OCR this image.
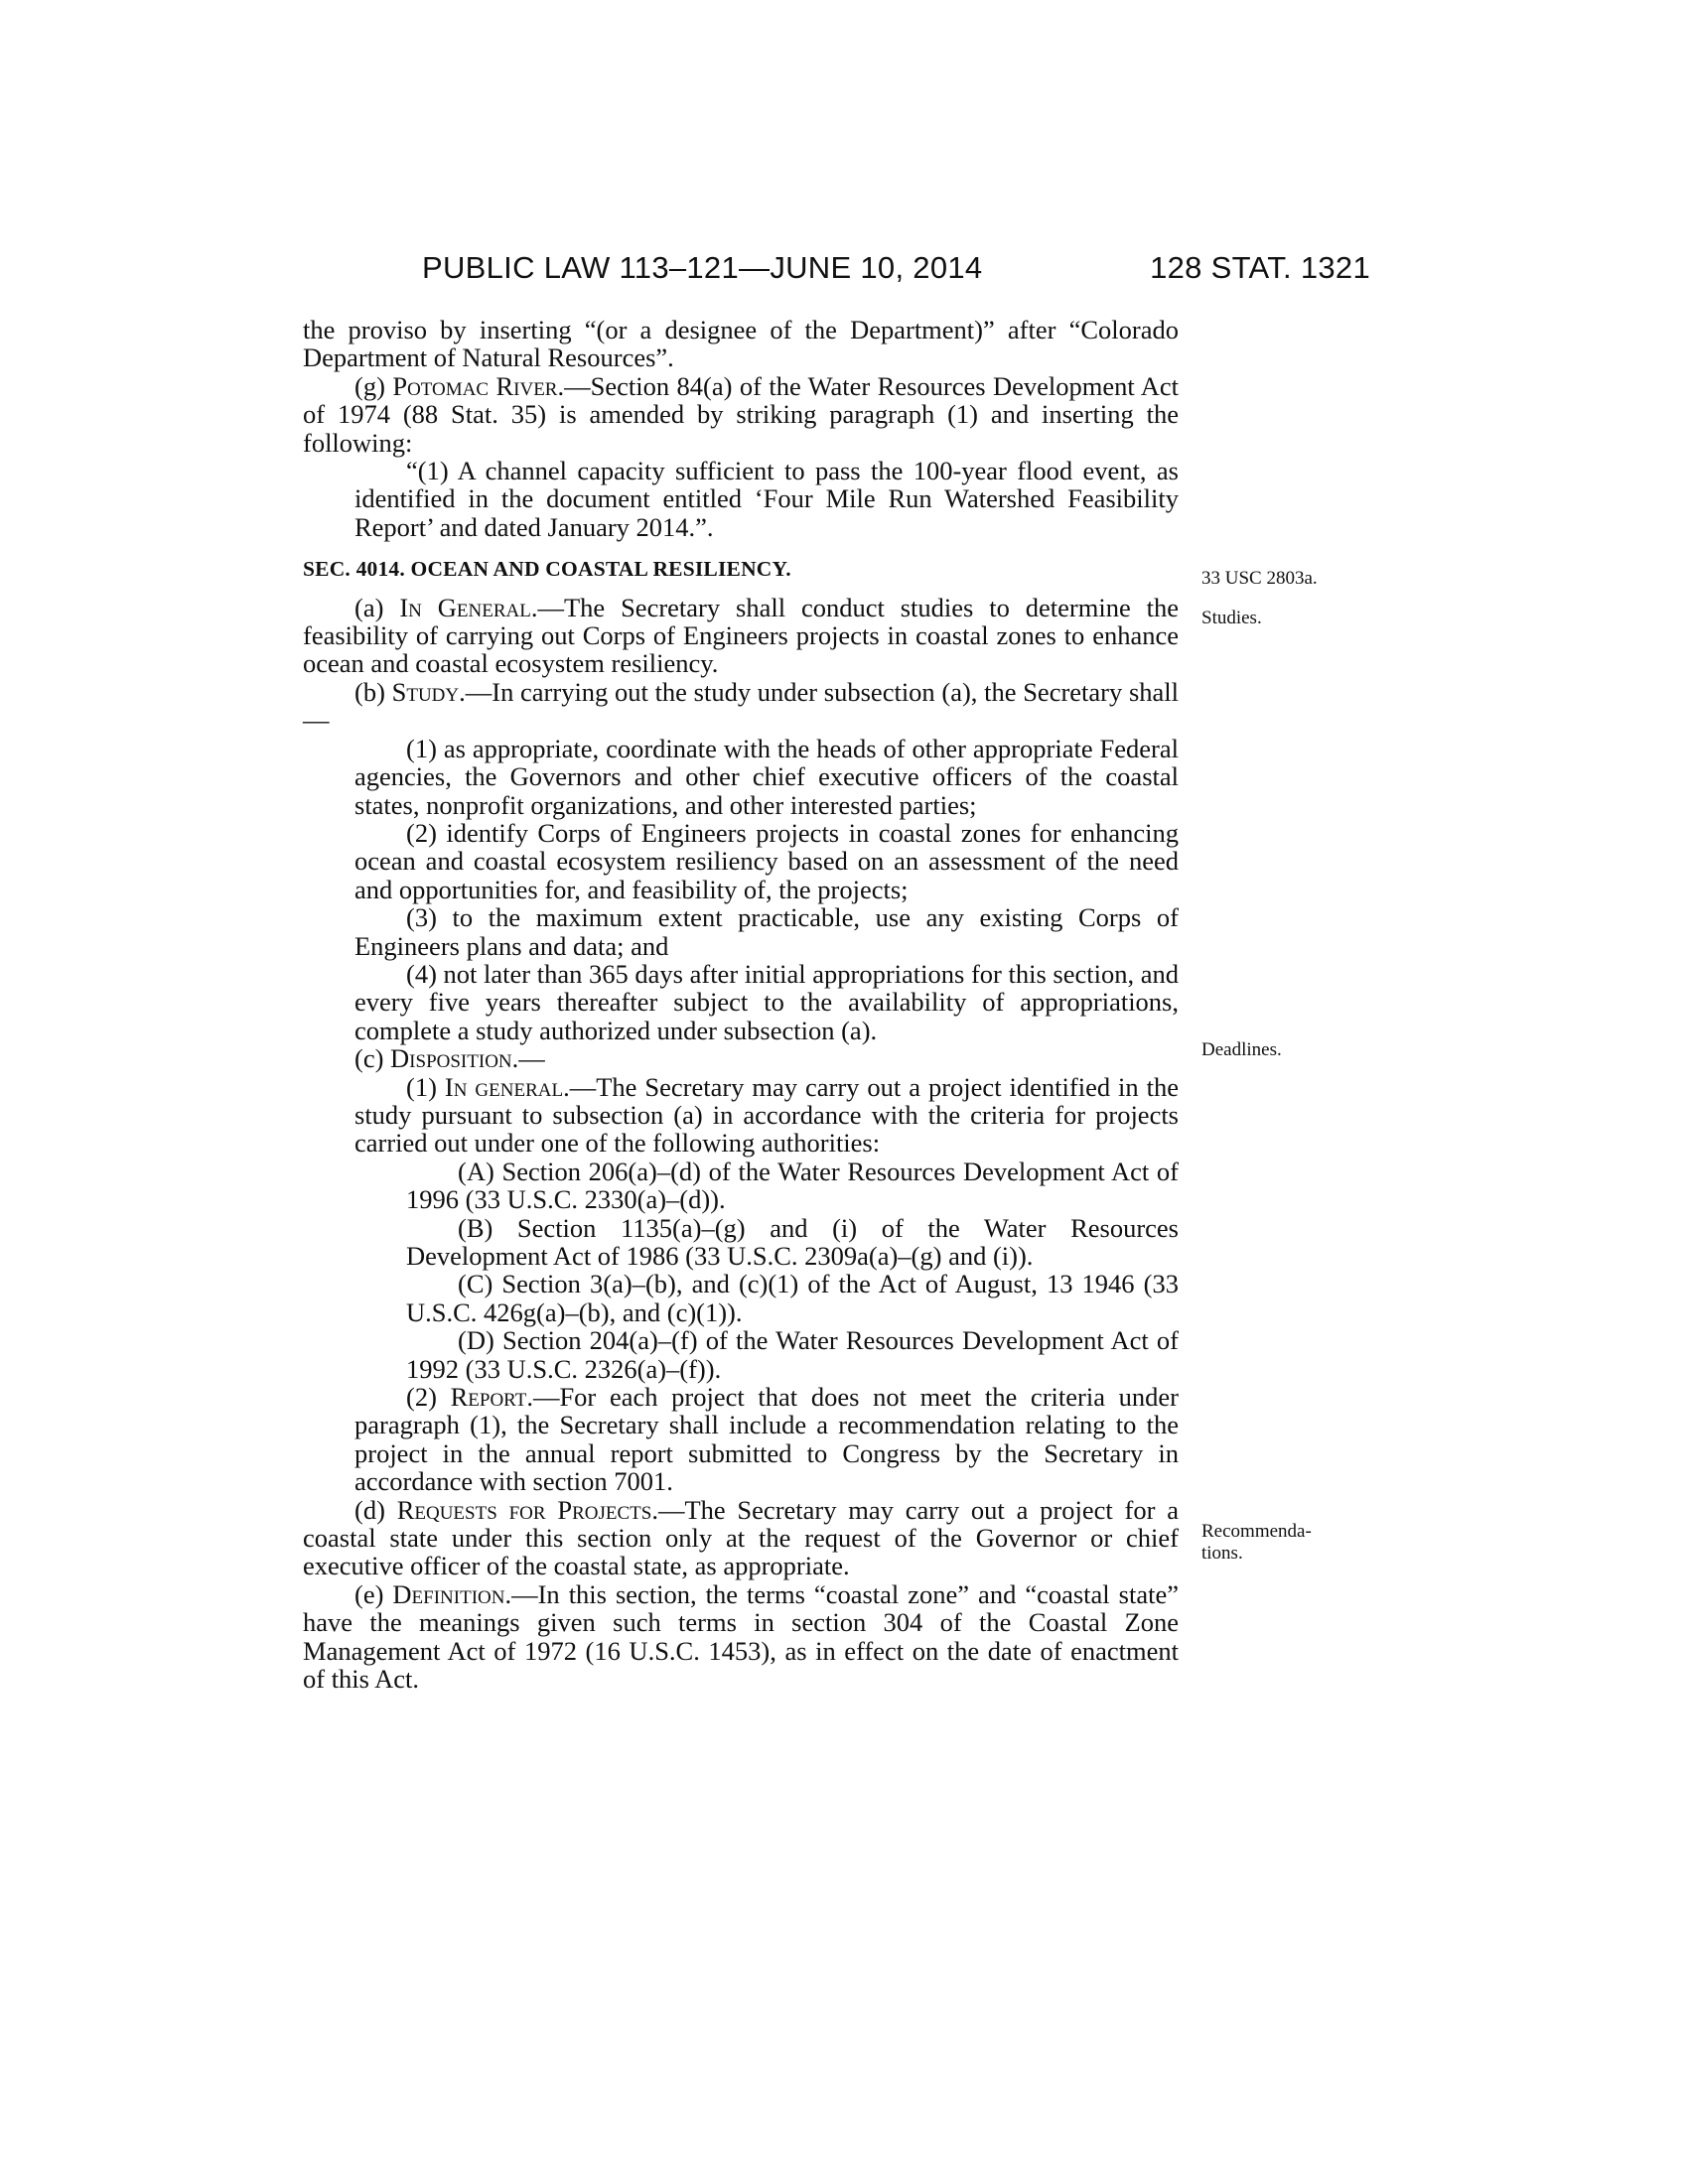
PUBLIC LAW 113–121—JUNE 10, 2014	128 STAT. 1321

the proviso by inserting “(or a designee of the Department)” after “Colorado Department of Natural Resources”.

(g) Potomac River.—Section 84(a) of the Water Resources Development Act of 1974 (88 Stat. 35) is amended by striking paragraph (1) and inserting the following:

“(1) A channel capacity sufficient to pass the 100-year flood event, as identified in the document entitled ‘Four Mile Run Watershed Feasibility Report’ and dated January 2014.”.

SEC. 4014. OCEAN AND COASTAL RESILIENCY.

(a) In General.—The Secretary shall conduct studies to determine the feasibility of carrying out Corps of Engineers projects in coastal zones to enhance ocean and coastal ecosystem resiliency.

(b) Study.—In carrying out the study under subsection (a), the Secretary shall—

(1) as appropriate, coordinate with the heads of other appropriate Federal agencies, the Governors and other chief executive officers of the coastal states, nonprofit organizations, and other interested parties;

(2) identify Corps of Engineers projects in coastal zones for enhancing ocean and coastal ecosystem resiliency based on an assessment of the need and opportunities for, and feasibility of, the projects;

(3) to the maximum extent practicable, use any existing Corps of Engineers plans and data; and

(4) not later than 365 days after initial appropriations for this section, and every five years thereafter subject to the availability of appropriations, complete a study authorized under subsection (a).

(c) Disposition.—

(1) In general.—The Secretary may carry out a project identified in the study pursuant to subsection (a) in accordance with the criteria for projects carried out under one of the following authorities:

(A) Section 206(a)–(d) of the Water Resources Development Act of 1996 (33 U.S.C. 2330(a)–(d)).

(B) Section 1135(a)–(g) and (i) of the Water Resources Development Act of 1986 (33 U.S.C. 2309a(a)–(g) and (i)).

(C) Section 3(a)–(b), and (c)(1) of the Act of August, 13 1946 (33 U.S.C. 426g(a)–(b), and (c)(1)).

(D) Section 204(a)–(f) of the Water Resources Development Act of 1992 (33 U.S.C. 2326(a)–(f)).

(2) Report.—For each project that does not meet the criteria under paragraph (1), the Secretary shall include a recommendation relating to the project in the annual report submitted to Congress by the Secretary in accordance with section 7001.

(d) Requests for Projects.—The Secretary may carry out a project for a coastal state under this section only at the request of the Governor or chief executive officer of the coastal state, as appropriate.

(e) Definition.—In this section, the terms “coastal zone” and “coastal state” have the meanings given such terms in section 304 of the Coastal Zone Management Act of 1972 (16 U.S.C. 1453), as in effect on the date of enactment of this Act.

33 USC 2803a.
Studies.
Deadlines.
Recommenda-
tions.
